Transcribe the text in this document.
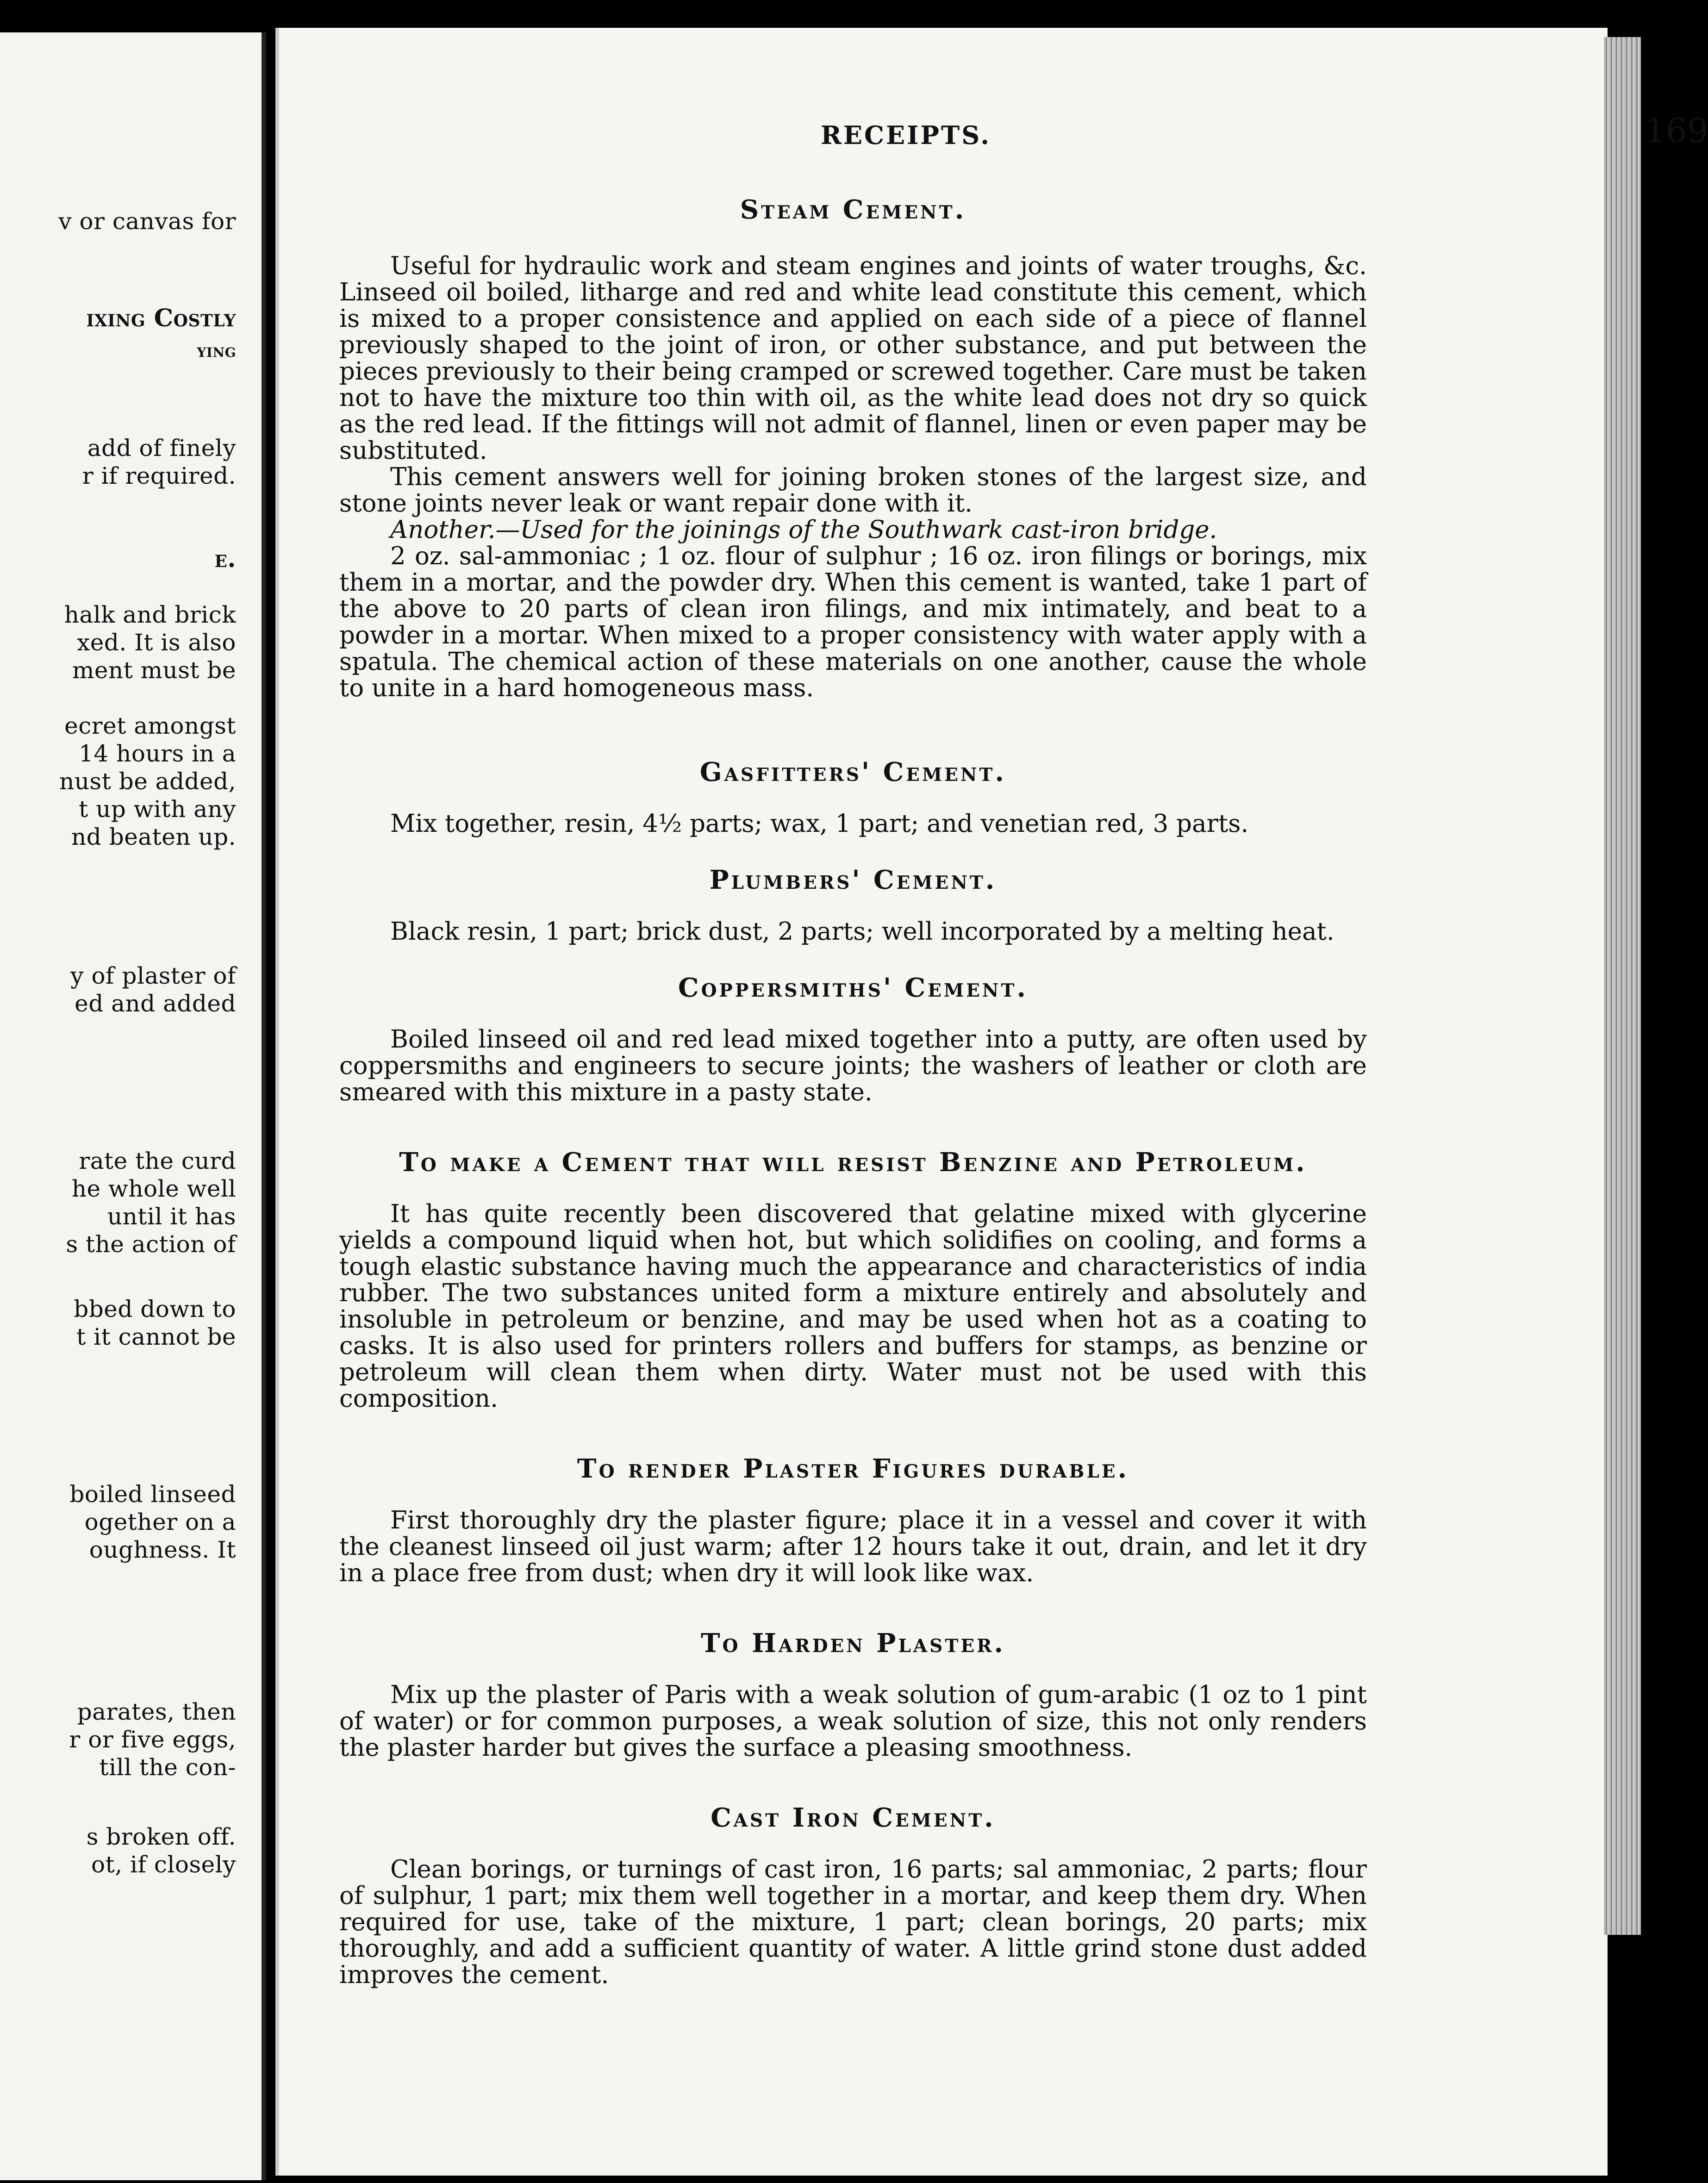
v or canvas for
ixing Costly
ying
add of finely
r if required.
e.
halk and brick
xed. It is also
ment must be
ecret amongst
14 hours in a
nust be added,
t up with any
nd beaten up.
y of plaster of
ed and added
rate the curd
he whole well
until it has
s the action of
bbed down to
t it cannot be
boiled linseed
ogether on a
oughness. It
parates, then
r or five eggs,
till the con-
s broken off.
ot, if closely
RECEIPTS.	169
Steam Cement.

Useful for hydraulic work and steam engines and joints of water troughs, &c. Linseed oil boiled, litharge and red and white lead constitute this cement, which is mixed to a proper consistence and applied on each side of a piece of flannel previously shaped to the joint of iron, or other substance, and put between the pieces previously to their being cramped or screwed together. Care must be taken not to have the mixture too thin with oil, as the white lead does not dry so quick as the red lead. If the fittings will not admit of flannel, linen or even paper may be substituted.

This cement answers well for joining broken stones of the largest size, and stone joints never leak or want repair done with it.

Another.—Used for the joinings of the Southwark cast-iron bridge.

2 oz. sal-ammoniac ; 1 oz. flour of sulphur ; 16 oz. iron filings or borings, mix them in a mortar, and the powder dry. When this cement is wanted, take 1 part of the above to 20 parts of clean iron filings, and mix intimately, and beat to a powder in a mortar. When mixed to a proper consistency with water apply with a spatula. The chemical action of these materials on one another, cause the whole to unite in a hard homogeneous mass.

Gasfitters' Cement.

Mix together, resin, 4½ parts; wax, 1 part; and venetian red, 3 parts.

Plumbers' Cement.

Black resin, 1 part; brick dust, 2 parts; well incorporated by a melting heat.

Coppersmiths' Cement.

Boiled linseed oil and red lead mixed together into a putty, are often used by coppersmiths and engineers to secure joints; the washers of leather or cloth are smeared with this mixture in a pasty state.

To make a Cement that will resist Benzine and Petroleum.

It has quite recently been discovered that gelatine mixed with glycerine yields a compound liquid when hot, but which solidifies on cooling, and forms a tough elastic substance having much the appearance and characteristics of india rubber. The two substances united form a mixture entirely and absolutely and insoluble in petroleum or benzine, and may be used when hot as a coating to casks. It is also used for printers rollers and buffers for stamps, as benzine or petroleum will clean them when dirty. Water must not be used with this composition.

To render Plaster Figures durable.

First thoroughly dry the plaster figure; place it in a vessel and cover it with the cleanest linseed oil just warm; after 12 hours take it out, drain, and let it dry in a place free from dust; when dry it will look like wax.

To Harden Plaster.

Mix up the plaster of Paris with a weak solution of gum-arabic (1 oz to 1 pint of water) or for common purposes, a weak solution of size, this not only renders the plaster harder but gives the surface a pleasing smoothness.

Cast Iron Cement.

Clean borings, or turnings of cast iron, 16 parts; sal ammoniac, 2 parts; flour of sulphur, 1 part; mix them well together in a mortar, and keep them dry. When required for use, take of the mixture, 1 part; clean borings, 20 parts; mix thoroughly, and add a sufficient quantity of water. A little grind stone dust added improves the cement.
